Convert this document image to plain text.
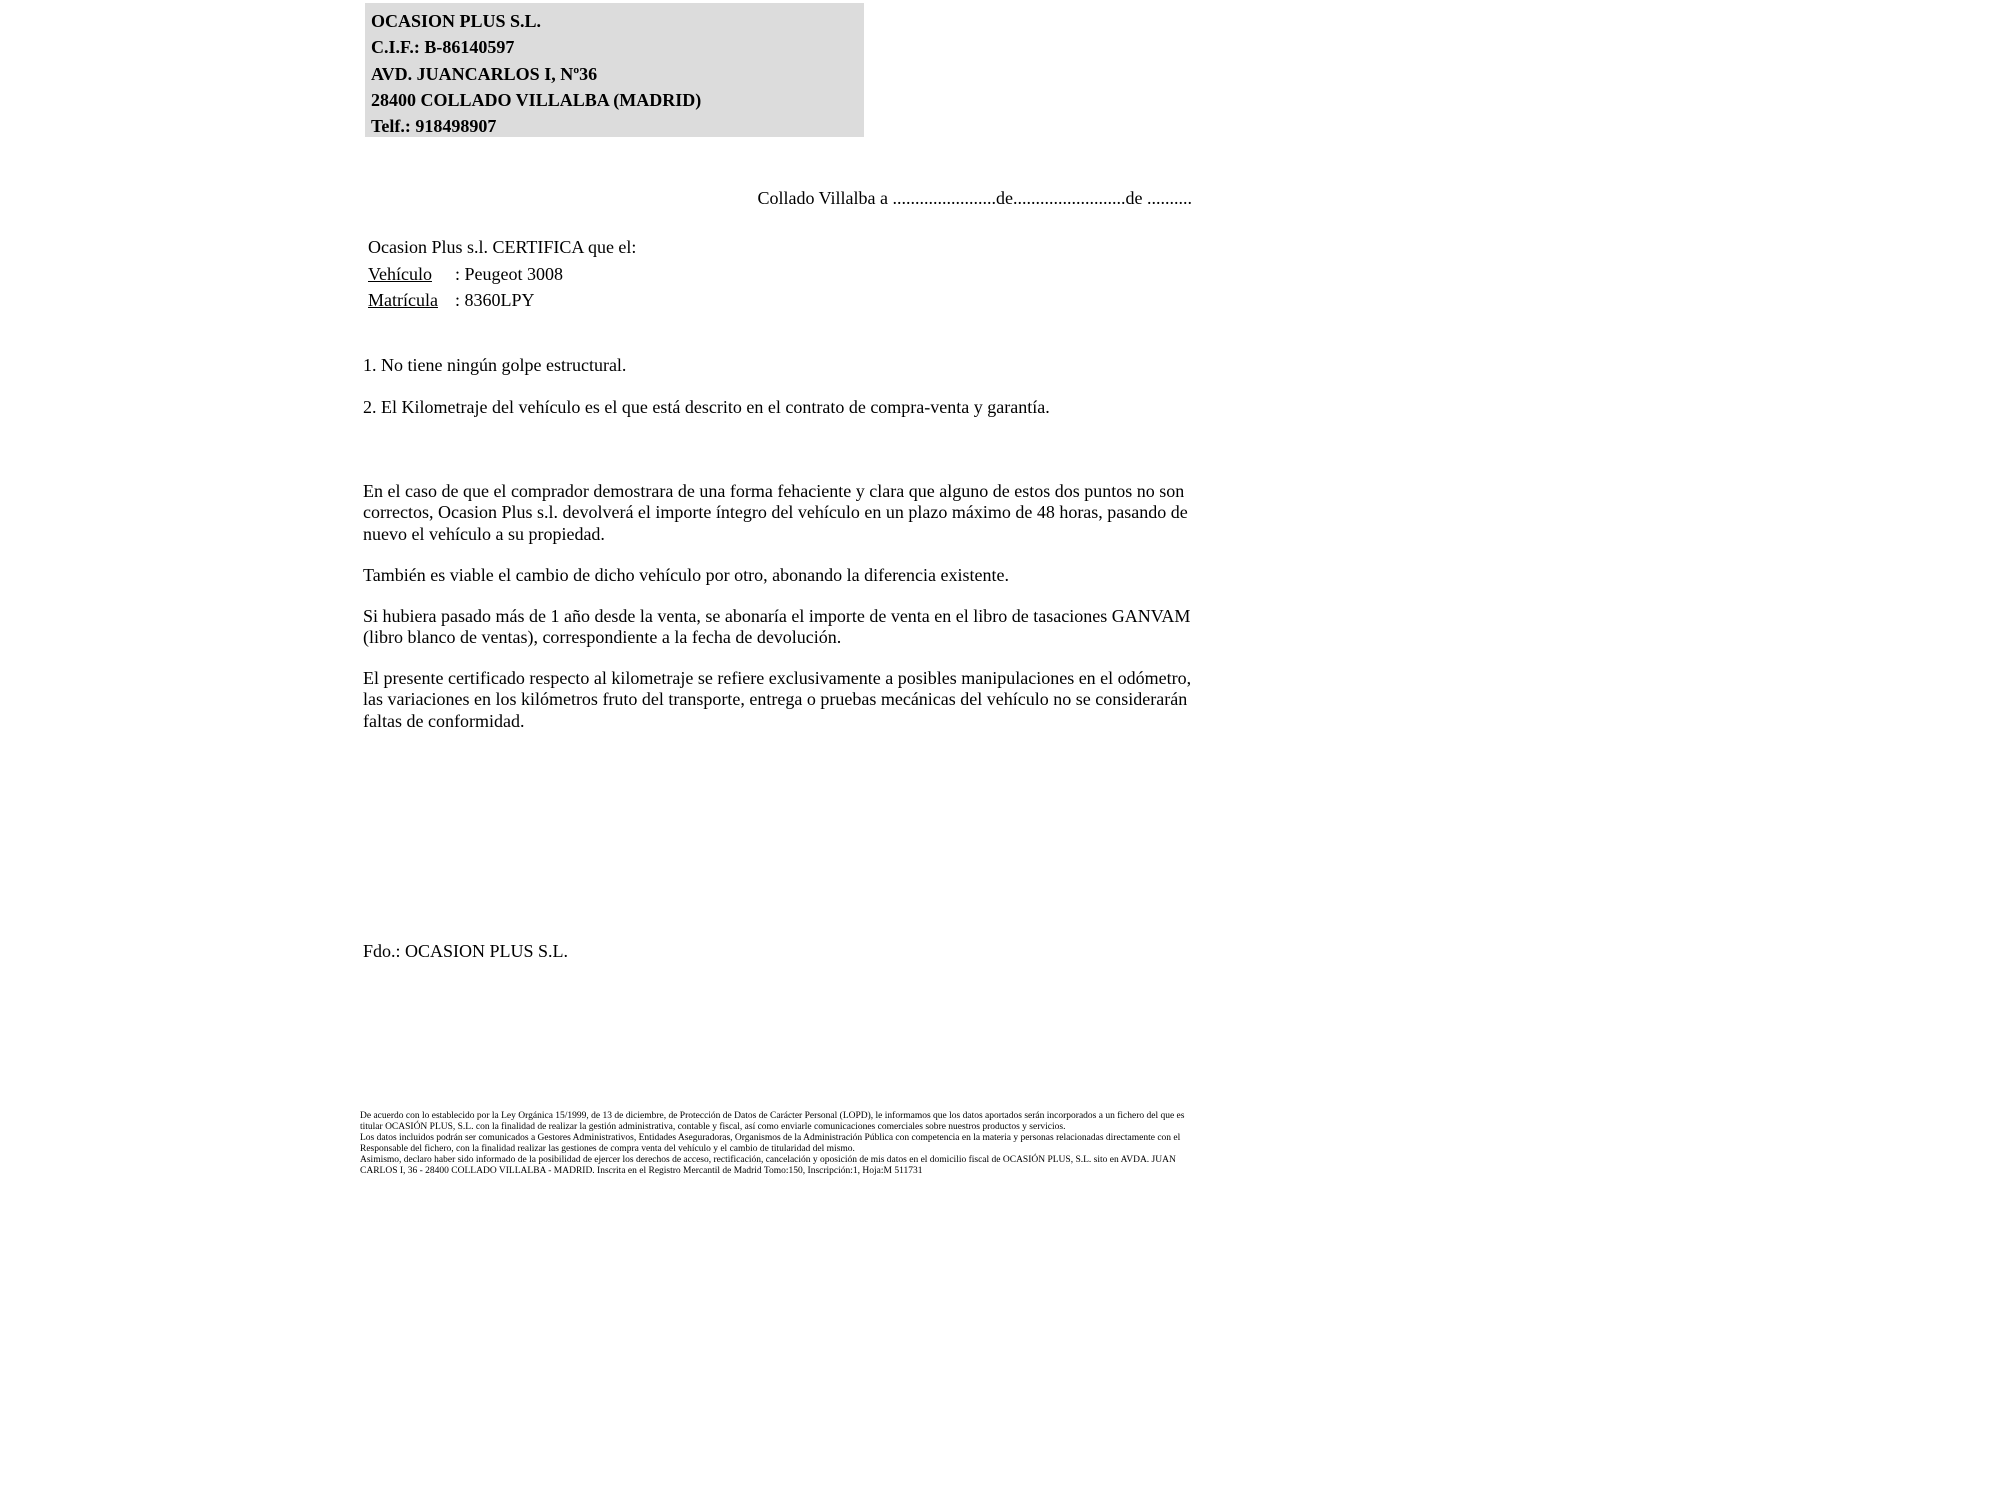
OCASION PLUS S.L.
C.I.F.: B-86140597
AVD. JUANCARLOS I, Nº36
28400 COLLADO VILLALBA (MADRID)
Telf.: 918498907
Collado Villalba a .......................de.........................de ..........
Ocasion Plus s.l. CERTIFICA que el:
Vehículo : Peugeot 3008
Matrícula : 8360LPY
1. No tiene ningún golpe estructural.
2. El Kilometraje del vehículo es el que está descrito en el contrato de compra-venta y garantía.
En el caso de que el comprador demostrara de una forma fehaciente y clara que alguno de estos dos puntos no son correctos, Ocasion Plus s.l. devolverá el importe íntegro del vehículo en un plazo máximo de 48 horas, pasando de nuevo el vehículo a su propiedad.
También es viable el cambio de dicho vehículo por otro, abonando la diferencia existente.
Si hubiera pasado más de 1 año desde la venta, se abonaría el importe de venta en el libro de tasaciones GANVAM (libro blanco de ventas), correspondiente a la fecha de devolución.
El presente certificado respecto al kilometraje se refiere exclusivamente a posibles manipulaciones en el odómetro, las variaciones en los kilómetros fruto del transporte, entrega o pruebas mecánicas del vehículo no se considerarán faltas de conformidad.
Fdo.: OCASION PLUS S.L.
De acuerdo con lo establecido por la Ley Orgánica 15/1999, de 13 de diciembre, de Protección de Datos de Carácter Personal (LOPD), le informamos que los datos aportados serán incorporados a un fichero del que es titular OCASIÓN PLUS, S.L. con la finalidad de realizar la gestión administrativa, contable y fiscal, así como enviarle comunicaciones comerciales sobre nuestros productos y servicios.
Los datos incluidos podrán ser comunicados a Gestores Administrativos, Entidades Aseguradoras, Organismos de la Administración Pública con competencia en la materia y personas relacionadas directamente con el Responsable del fichero, con la finalidad realizar las gestiones de compra venta del vehículo y el cambio de titularidad del mismo.
Asimismo, declaro haber sido informado de la posibilidad de ejercer los derechos de acceso, rectificación, cancelación y oposición de mis datos en el domicilio fiscal de OCASIÓN PLUS, S.L. sito en AVDA. JUAN CARLOS I, 36 - 28400 COLLADO VILLALBA - MADRID. Inscrita en el Registro Mercantil de Madrid Tomo:150, Inscripción:1, Hoja:M 511731
